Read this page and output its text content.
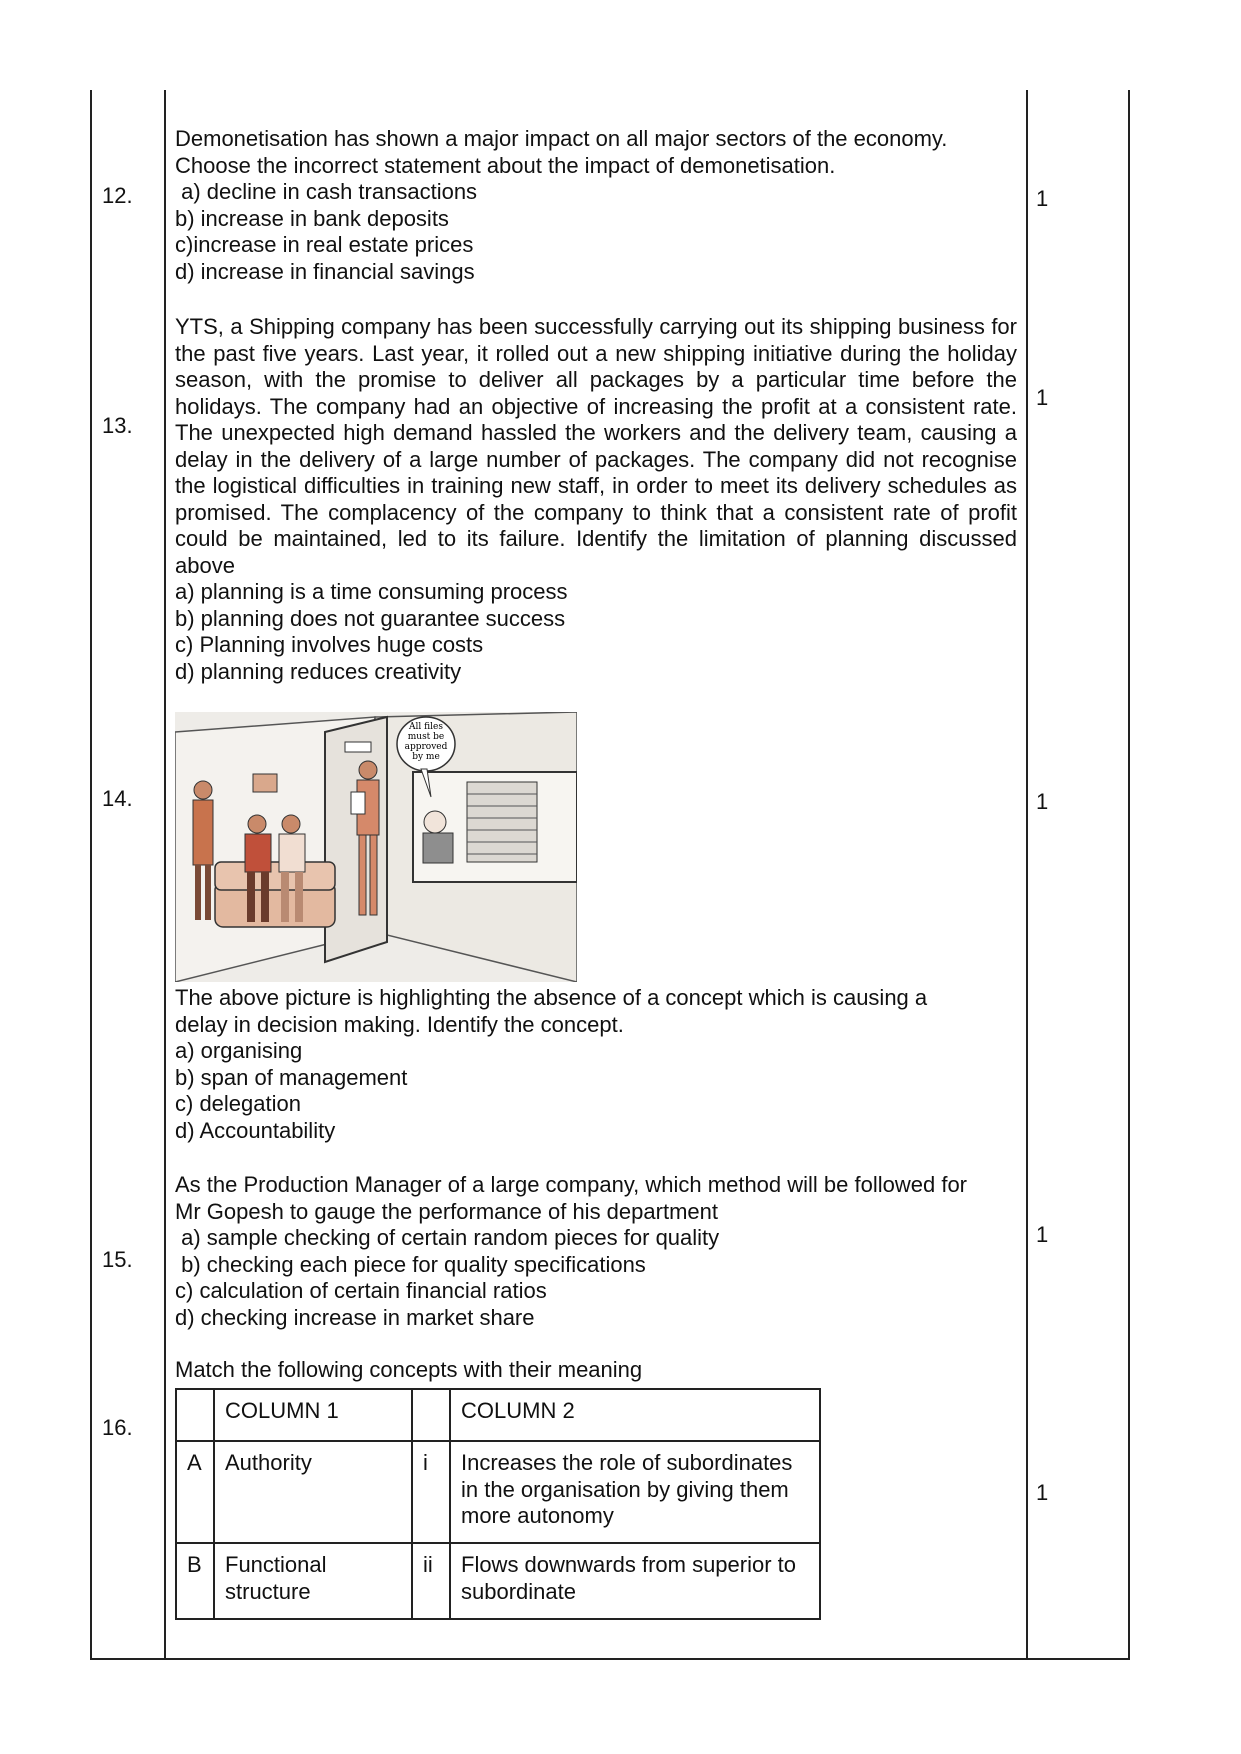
12.	1
Demonetisation has shown a major impact on all major sectors of the economy.
Choose the incorrect statement about the impact of demonetisation.
a) decline in cash transactions
b) increase in bank deposits
c)increase in real estate prices
d) increase in financial savings
13.
1

YTS, a Shipping company has been successfully carrying out its shipping business for the past five years. Last year, it rolled out a new shipping initiative during the holiday season, with the promise to deliver all packages by a particular time before the holidays. The company had an objective of increasing the profit at a consistent rate. The unexpected high demand hassled the workers and the delivery team, causing a delay in the delivery of a large number of packages. The company did not recognise the logistical difficulties in training new staff, in order to meet its delivery schedules as promised. The complacency of the company to think that a consistent rate of profit could be maintained, led to its failure. Identify the limitation of planning discussed above

a) planning is a time consuming process
b) planning does not guarantee success
c) Planning involves huge costs
d) planning reduces creativity
14.	1
All files
must be
approved
by me
The above picture is highlighting the absence of a concept which is causing a
delay in decision making. Identify the concept.
a) organising
b) span of management
c) delegation
d) Accountability
15.
1
As the Production Manager of a large company, which method will be followed for
Mr Gopesh to gauge the performance of his department
a) sample checking of certain random pieces for quality
b) checking each piece for quality specifications
c) calculation of certain financial ratios
d) checking increase in market share
16.
1
Match the following concepts with their meaning
	COLUMN 1		COLUMN 2
A	Authority	i	Increases the role of subordinates in the organisation by giving them more autonomy
B	Functional structure	ii	Flows downwards from superior to subordinate
